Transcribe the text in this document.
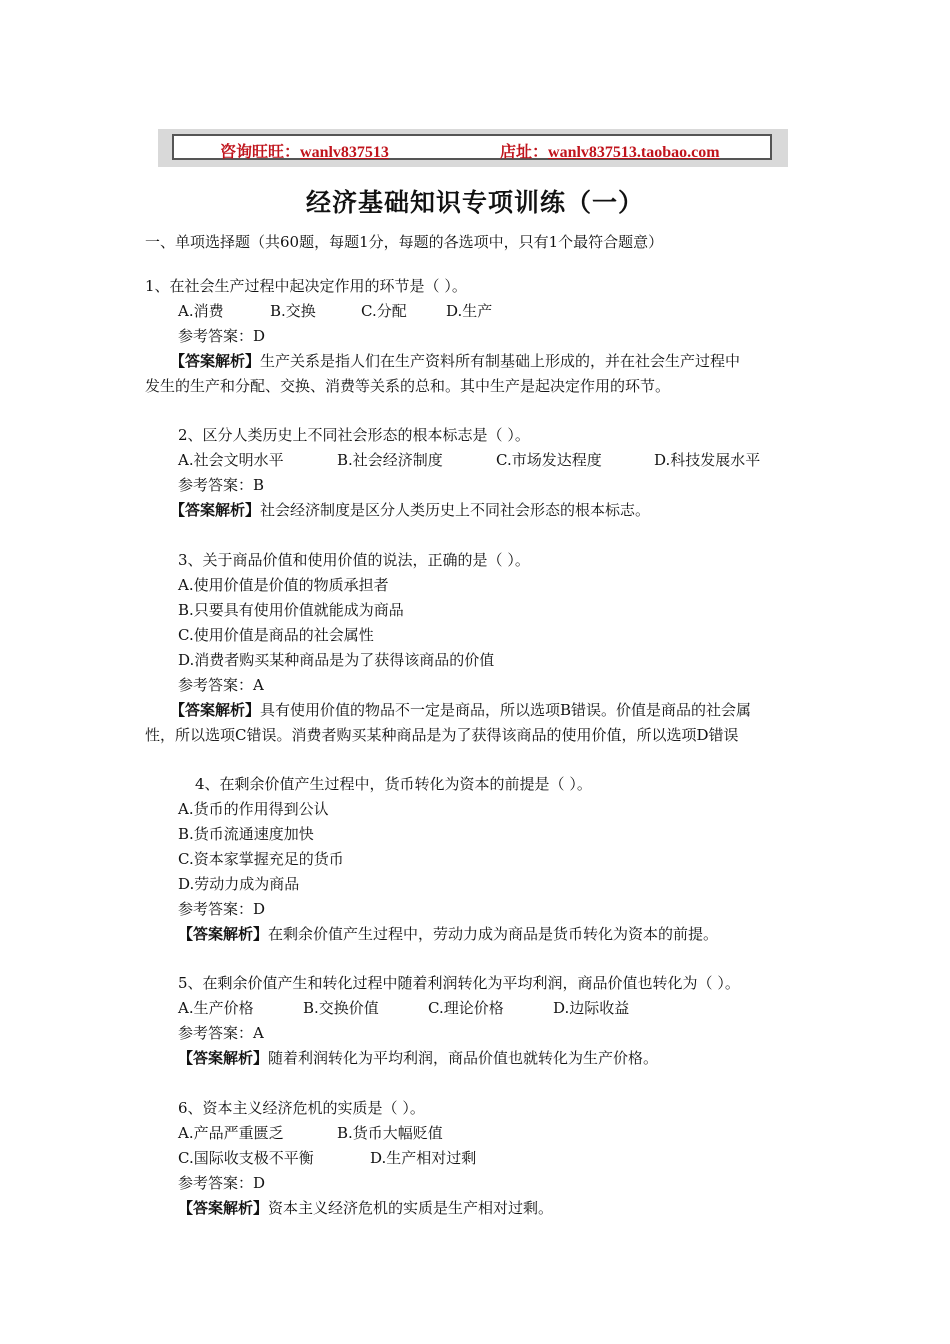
咨询旺旺：wanlv837513	店址：wanlv837513.taobao.com
经济基础知识专项训练（一）
一、单项选择题（共60题，每题1分，每题的各选项中，只有1个最符合题意）
1、在社会生产过程中起决定作用的环节是（ ）。
A.消费	B.交换	C.分配	D.生产
参考答案：D
【答案解析】生产关系是指人们在生产资料所有制基础上形成的，并在社会生产过程中
发生的生产和分配、交换、消费等关系的总和。其中生产是起决定作用的环节。
2、区分人类历史上不同社会形态的根本标志是（ ）。
A.社会文明水平	B.社会经济制度	C.市场发达程度	D.科技发展水平
参考答案：B
【答案解析】社会经济制度是区分人类历史上不同社会形态的根本标志。
3、关于商品价值和使用价值的说法，正确的是（ ）。
A.使用价值是价值的物质承担者
B.只要具有使用价值就能成为商品
C.使用价值是商品的社会属性
D.消费者购买某种商品是为了获得该商品的价值
参考答案：A
【答案解析】具有使用价值的物品不一定是商品，所以选项B错误。价值是商品的社会属
性，所以选项C错误。消费者购买某种商品是为了获得该商品的使用价值，所以选项D错误
4、在剩余价值产生过程中，货币转化为资本的前提是（ ）。
A.货币的作用得到公认
B.货币流通速度加快
C.资本家掌握充足的货币
D.劳动力成为商品
参考答案：D
【答案解析】在剩余价值产生过程中，劳动力成为商品是货币转化为资本的前提。
5、在剩余价值产生和转化过程中随着利润转化为平均利润，商品价值也转化为（ ）。
A.生产价格	B.交换价值	C.理论价格	D.边际收益
参考答案：A
【答案解析】随着利润转化为平均利润，商品价值也就转化为生产价格。
6、资本主义经济危机的实质是（ ）。
A.产品严重匮乏	B.货币大幅贬值
C.国际收支极不平衡	D.生产相对过剩
参考答案：D
【答案解析】资本主义经济危机的实质是生产相对过剩。
